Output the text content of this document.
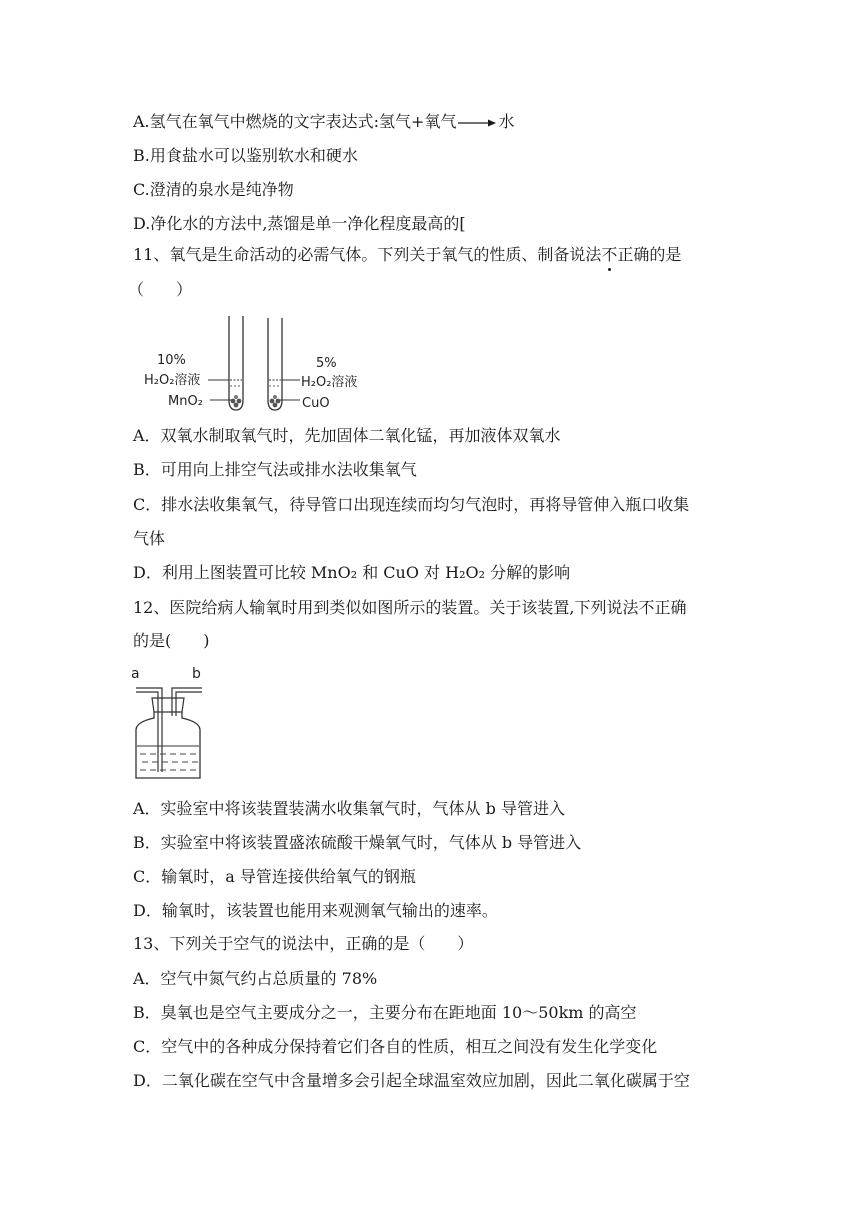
A.氢气在氧气中燃烧的文字表达式:氢气+氧气→水
B.用食盐水可以鉴别软水和硬水
C.澄清的泉水是纯净物
D.净化水的方法中,蒸馏是单一净化程度最高的[
11、氧气是生命活动的必需气体。下列关于氧气的性质、制备说法不正确的是
（　　）
10%
H₂O₂溶液
MnO₂
5%
H₂O₂溶液
CuO
A．双氧水制取氧气时，先加固体二氧化锰，再加液体双氧水
B．可用向上排空气法或排水法收集氧气
C．排水法收集氧气，待导管口出现连续而均匀气泡时，再将导管伸入瓶口收集
气体
D．利用上图装置可比较 MnO₂ 和 CuO 对 H₂O₂ 分解的影响
12、医院给病人输氧时用到类似如图所示的装置。关于该装置,下列说法不正确
的是(　　)
a	b
A．实验室中将该装置装满水收集氧气时，气体从 b 导管进入
B．实验室中将该装置盛浓硫酸干燥氧气时，气体从 b 导管进入
C．输氧时，a 导管连接供给氧气的钢瓶
D．输氧时，该装置也能用来观测氧气输出的速率。
13、下列关于空气的说法中，正确的是（　　）
A．空气中氮气约占总质量的 78%
B．臭氧也是空气主要成分之一，主要分布在距地面 10～50km 的高空
C．空气中的各种成分保持着它们各自的性质，相互之间没有发生化学变化
D．二氧化碳在空气中含量增多会引起全球温室效应加剧，因此二氧化碳属于空
